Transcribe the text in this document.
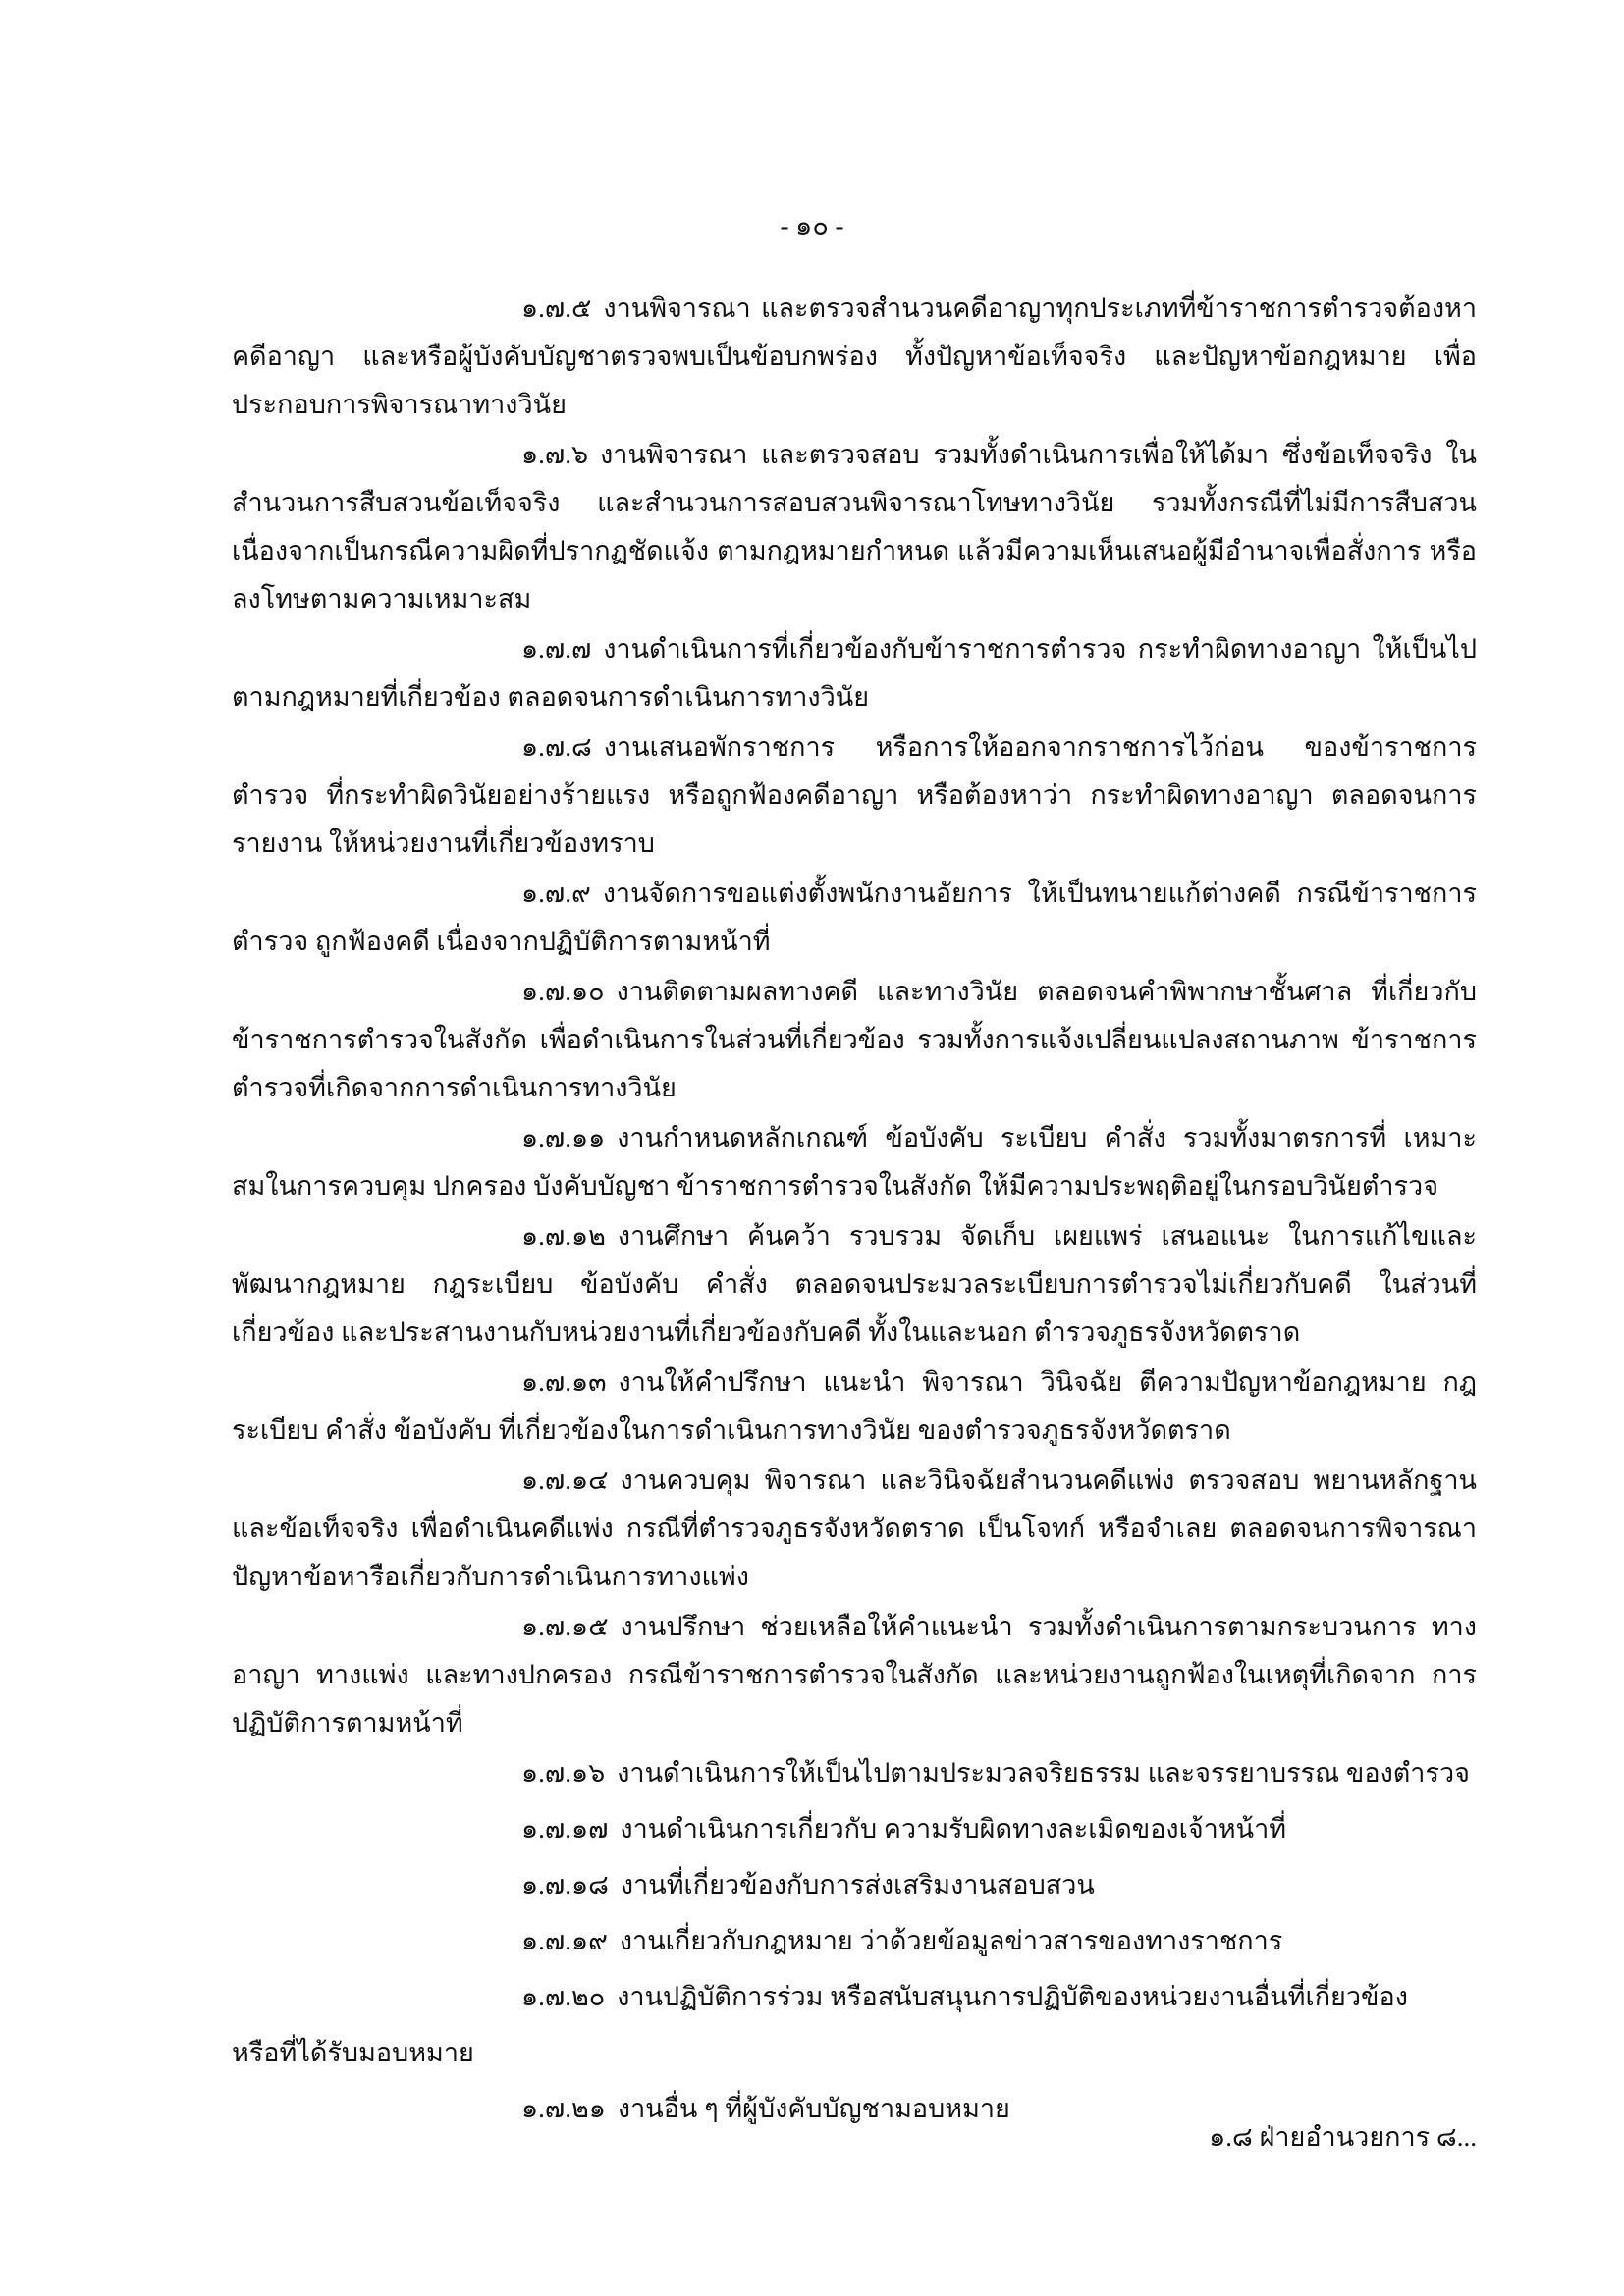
- ๑๐ -

๑.๗.๕ งานพิจารณา และตรวจสำนวนคดีอาญาทุกประเภทที่ข้าราชการตำรวจต้องหาคดีอาญา และหรือผู้บังคับบัญชาตรวจพบเป็นข้อบกพร่อง ทั้งปัญหาข้อเท็จจริง และปัญหาข้อกฎหมาย เพื่อประกอบการพิจารณาทางวินัย

๑.๗.๖ งานพิจารณา และตรวจสอบ รวมทั้งดำเนินการเพื่อให้ได้มา ซึ่งข้อเท็จจริง ในสำนวนการสืบสวนข้อเท็จจริง และสำนวนการสอบสวนพิจารณาโทษทางวินัย รวมทั้งกรณีที่ไม่มีการสืบสวน เนื่องจากเป็นกรณีความผิดที่ปรากฏชัดแจ้ง ตามกฎหมายกำหนด แล้วมีความเห็นเสนอผู้มีอำนาจเพื่อสั่งการ หรือลงโทษตามความเหมาะสม

๑.๗.๗ งานดำเนินการที่เกี่ยวข้องกับข้าราชการตำรวจ กระทำผิดทางอาญา ให้เป็นไป ตามกฎหมายที่เกี่ยวข้อง ตลอดจนการดำเนินการทางวินัย

๑.๗.๘ งานเสนอพักราชการ หรือการให้ออกจากราชการไว้ก่อน ของข้าราชการตำรวจ ที่กระทำผิดวินัยอย่างร้ายแรง หรือถูกฟ้องคดีอาญา หรือต้องหาว่า กระทำผิดทางอาญา ตลอดจนการรายงาน ให้หน่วยงานที่เกี่ยวข้องทราบ

๑.๗.๙ งานจัดการขอแต่งตั้งพนักงานอัยการ ให้เป็นทนายแก้ต่างคดี กรณีข้าราชการตำรวจ ถูกฟ้องคดี เนื่องจากปฏิบัติการตามหน้าที่

๑.๗.๑๐ งานติดตามผลทางคดี และทางวินัย ตลอดจนคำพิพากษาชั้นศาล ที่เกี่ยวกับข้าราชการตำรวจในสังกัด เพื่อดำเนินการในส่วนที่เกี่ยวข้อง รวมทั้งการแจ้งเปลี่ยนแปลงสถานภาพ ข้าราชการตำรวจที่เกิดจากการดำเนินการทางวินัย

๑.๗.๑๑ งานกำหนดหลักเกณฑ์ ข้อบังคับ ระเบียบ คำสั่ง รวมทั้งมาตรการที่ เหมาะสมในการควบคุม ปกครอง บังคับบัญชา ข้าราชการตำรวจในสังกัด ให้มีความประพฤติอยู่ในกรอบวินัยตำรวจ

๑.๗.๑๒ งานศึกษา ค้นคว้า รวบรวม จัดเก็บ เผยแพร่ เสนอแนะ ในการแก้ไขและ พัฒนากฎหมาย กฎระเบียบ ข้อบังคับ คำสั่ง ตลอดจนประมวลระเบียบการตำรวจไม่เกี่ยวกับคดี ในส่วนที่ เกี่ยวข้อง และประสานงานกับหน่วยงานที่เกี่ยวข้องกับคดี ทั้งในและนอก ตำรวจภูธรจังหวัดตราด

๑.๗.๑๓ งานให้คำปรึกษา แนะนำ พิจารณา วินิจฉัย ตีความปัญหาข้อกฎหมาย กฎระเบียบ คำสั่ง ข้อบังคับ ที่เกี่ยวข้องในการดำเนินการทางวินัย ของตำรวจภูธรจังหวัดตราด

๑.๗.๑๔ งานควบคุม พิจารณา และวินิจฉัยสำนวนคดีแพ่ง ตรวจสอบ พยานหลักฐาน และข้อเท็จจริง เพื่อดำเนินคดีแพ่ง กรณีที่ตำรวจภูธรจังหวัดตราด เป็นโจทก์ หรือจำเลย ตลอดจนการพิจารณาปัญหาข้อหารือเกี่ยวกับการดำเนินการทางแพ่ง

๑.๗.๑๕ งานปรึกษา ช่วยเหลือให้คำแนะนำ รวมทั้งดำเนินการตามกระบวนการ ทางอาญา ทางแพ่ง และทางปกครอง กรณีข้าราชการตำรวจในสังกัด และหน่วยงานถูกฟ้องในเหตุที่เกิดจาก การปฏิบัติการตามหน้าที่

๑.๗.๑๖ งานดำเนินการให้เป็นไปตามประมวลจริยธรรม และจรรยาบรรณ ของตำรวจ

๑.๗.๑๗ งานดำเนินการเกี่ยวกับ ความรับผิดทางละเมิดของเจ้าหน้าที่

๑.๗.๑๘ งานที่เกี่ยวข้องกับการส่งเสริมงานสอบสวน

๑.๗.๑๙ งานเกี่ยวกับกฎหมาย ว่าด้วยข้อมูลข่าวสารของทางราชการ

๑.๗.๒๐ งานปฏิบัติการร่วม หรือสนับสนุนการปฏิบัติของหน่วยงานอื่นที่เกี่ยวข้อง

หรือที่ได้รับมอบหมาย

๑.๗.๒๑ งานอื่น ๆ ที่ผู้บังคับบัญชามอบหมาย

๑.๘ ฝ่ายอำนวยการ ๘...
